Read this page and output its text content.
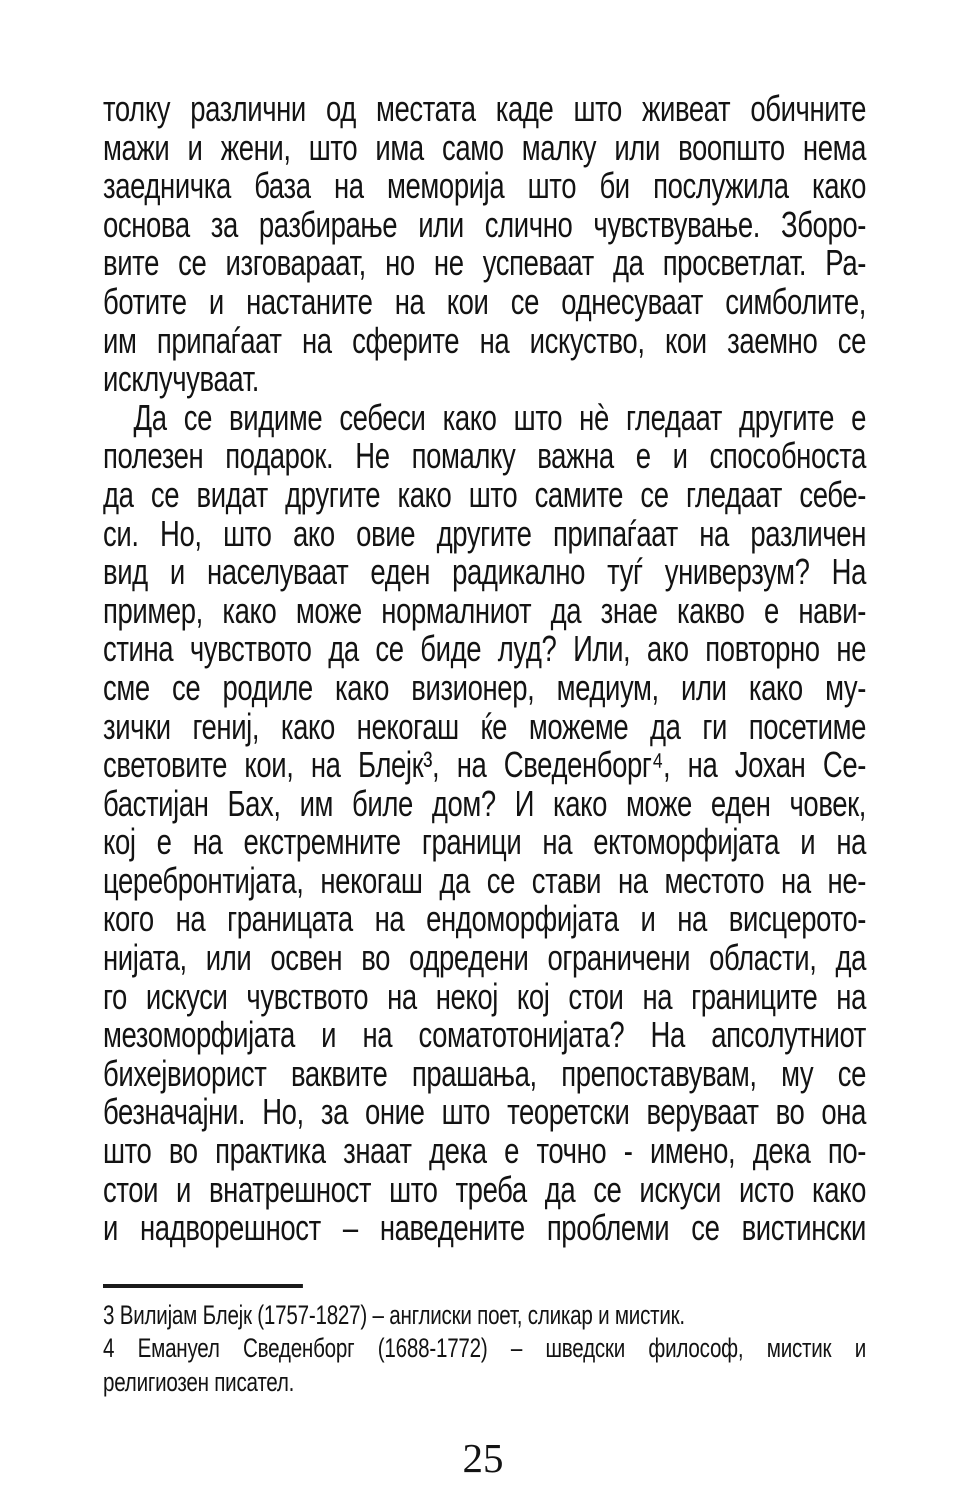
толку различни од местата каде што живеат обичните
мажи и жени, што има само малку или воопшто нема
заедничка база на меморија што би послужила како
основа за разбирање или слично чувствување. Зборо-
вите се изговараат, но не успеваат да просветлат. Ра-
ботите и настаните на кои се однесуваат симболите,
им припаѓаат на сферите на искуство, кои заемно се
исклучуваат.
Да се видиме себеси како што нѐ гледаат другите е
полезен подарок. Не помалку важна е и способноста
да се видат другите како што самите се гледаат себе-
си. Но, што ако овие другите припаѓаат на различен
вид и населуваат еден радикално туѓ универзум? На
пример, како може нормалниот да знае какво е нави-
стина чувството да се биде луд? Или, ако повторно не
сме се родиле како визионер, медиум, или како му-
зички гениј, како некогаш ќе можеме да ги посетиме
световите кои, на Блејк³, на Сведенборг⁴, на Јохан Се-
бастијан Бах, им биле дом? И како може еден човек,
кој е на екстремните граници на ектоморфијата и на
церебронтијата, некогаш да се стави на местото на не-
кого на границата на ендоморфијата и на висцерото-
нијата, или освен во одредени ограничени области, да
го искуси чувството на некој кој стои на границите на
мезоморфијата и на соматотонијата? На апсолутниот
бихејвиорист ваквите прашања, препоставувам, му се
безначајни. Но, за оние што теоретски веруваат во она
што во практика знаат дека е точно - имено, дека по-
стои и внатрешност што треба да се искуси исто како
и надворешност – наведените проблеми се вистински
3 Вилијам Блејк (1757-1827) – англиски поет, сликар и мистик.
4 Емануел Сведенборг (1688-1772) – шведски философ, мистик и
религиозен писател.
25
